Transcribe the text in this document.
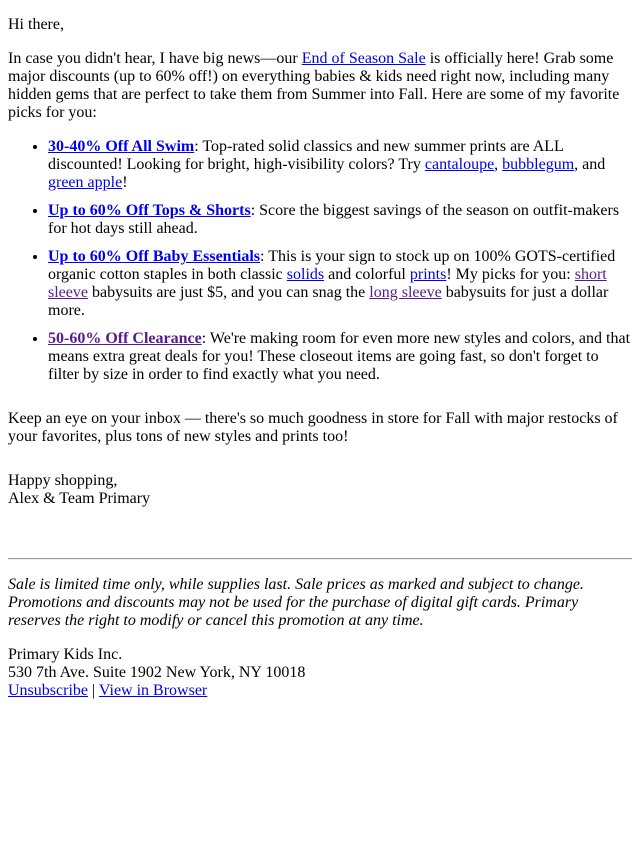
Hi there,

In case you didn't hear, I have big news—our End of Season Sale is officially here! Grab some major discounts (up to 60% off!) on everything babies & kids need right now, including many hidden gems that are perfect to take them from Summer into Fall. Here are some of my favorite picks for you:

• 30-40% Off All Swim: Top-rated solid classics and new summer prints are ALL discounted! Looking for bright, high-visibility colors? Try cantaloupe, bubblegum, and green apple!
• Up to 60% Off Tops & Shorts: Score the biggest savings of the season on outfit-makers for hot days still ahead.
• Up to 60% Off Baby Essentials: This is your sign to stock up on 100% GOTS-certified organic cotton staples in both classic solids and colorful prints! My picks for you: short sleeve babysuits are just $5, and you can snag the long sleeve babysuits for just a dollar more.
• 50-60% Off Clearance: We're making room for even more new styles and colors, and that means extra great deals for you! These closeout items are going fast, so don't forget to filter by size in order to find exactly what you need.

Keep an eye on your inbox — there's so much goodness in store for Fall with major restocks of your favorites, plus tons of new styles and prints too!

Happy shopping,
Alex & Team Primary

Sale is limited time only, while supplies last. Sale prices as marked and subject to change. Promotions and discounts may not be used for the purchase of digital gift cards. Primary reserves the right to modify or cancel this promotion at any time.

Primary Kids Inc.
530 7th Ave. Suite 1902 New York, NY 10018
Unsubscribe | View in Browser
